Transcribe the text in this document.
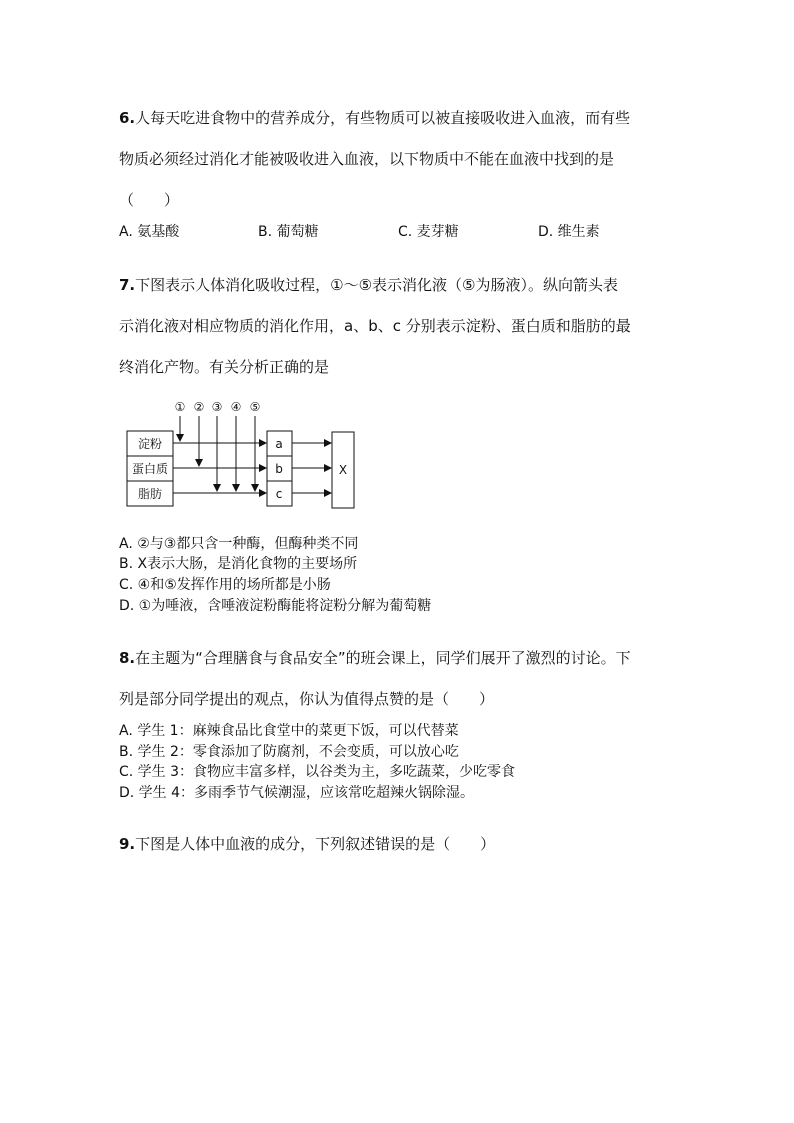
6.人每天吃进食物中的营养成分，有些物质可以被直接吸收进入血液，而有些
物质必须经过消化才能被吸收进入血液，以下物质中不能在血液中找到的是
（　　）
A. 氨基酸	B. 葡萄糖	C. 麦芽糖	D. 维生素
7.下图表示人体消化吸收过程，①～⑤表示消化液（⑤为肠液）。纵向箭头表
示消化液对相应物质的消化作用，a、b、c 分别表示淀粉、蛋白质和脂肪的最
终消化产物。有关分析正确的是
① ② ③ ④ ⑤
淀粉
蛋白质
脂肪
a
b
c
X
A. ②与③都只含一种酶，但酶种类不同
B. X表示大肠，是消化食物的主要场所
C. ④和⑤发挥作用的场所都是小肠
D. ①为唾液，含唾液淀粉酶能将淀粉分解为葡萄糖
8.在主题为“合理膳食与食品安全”的班会课上，同学们展开了激烈的讨论。下
列是部分同学提出的观点，你认为值得点赞的是（　　）
A. 学生 1：麻辣食品比食堂中的菜更下饭，可以代替菜
B. 学生 2：零食添加了防腐剂，不会变质，可以放心吃
C. 学生 3：食物应丰富多样，以谷类为主，多吃蔬菜，少吃零食
D. 学生 4：多雨季节气候潮湿，应该常吃超辣火锅除湿。
9.下图是人体中血液的成分，下列叙述错误的是（　　）
